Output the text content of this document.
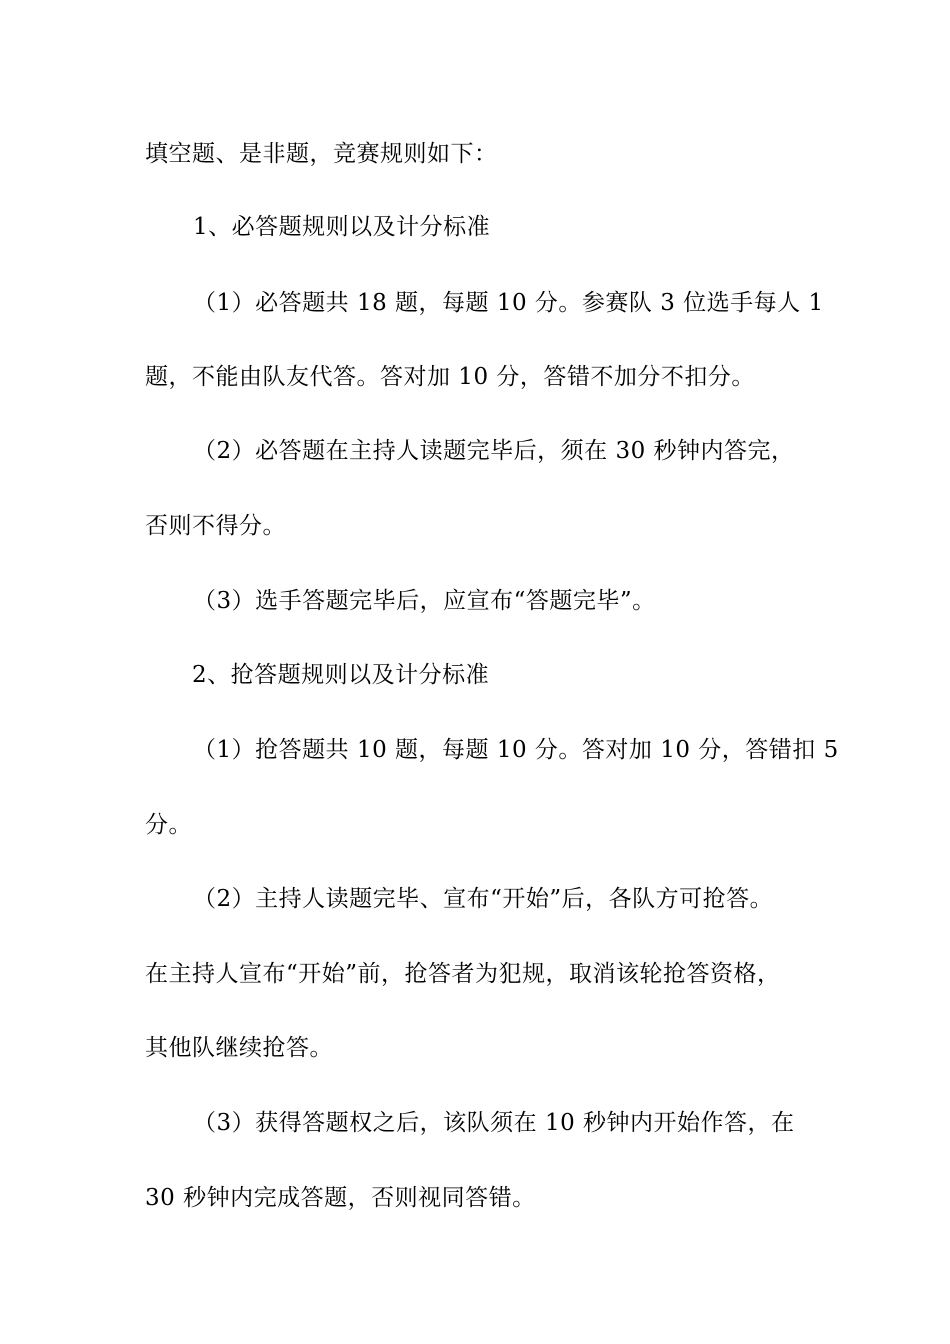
填空题、是非题，竞赛规则如下：
1、必答题规则以及计分标准
（1）必答题共 18 题，每题 10 分。参赛队 3 位选手每人 1
题，不能由队友代答。答对加 10 分，答错不加分不扣分。
（2）必答题在主持人读题完毕后，须在 30 秒钟内答完，
否则不得分。
（3）选手答题完毕后，应宣布“答题完毕”。
2、抢答题规则以及计分标准
（1）抢答题共 10 题，每题 10 分。答对加 10 分，答错扣 5
分。
（2）主持人读题完毕、宣布“开始”后，各队方可抢答。
在主持人宣布“开始”前，抢答者为犯规，取消该轮抢答资格，
其他队继续抢答。
（3）获得答题权之后，该队须在 10 秒钟内开始作答，在
30 秒钟内完成答题，否则视同答错。
